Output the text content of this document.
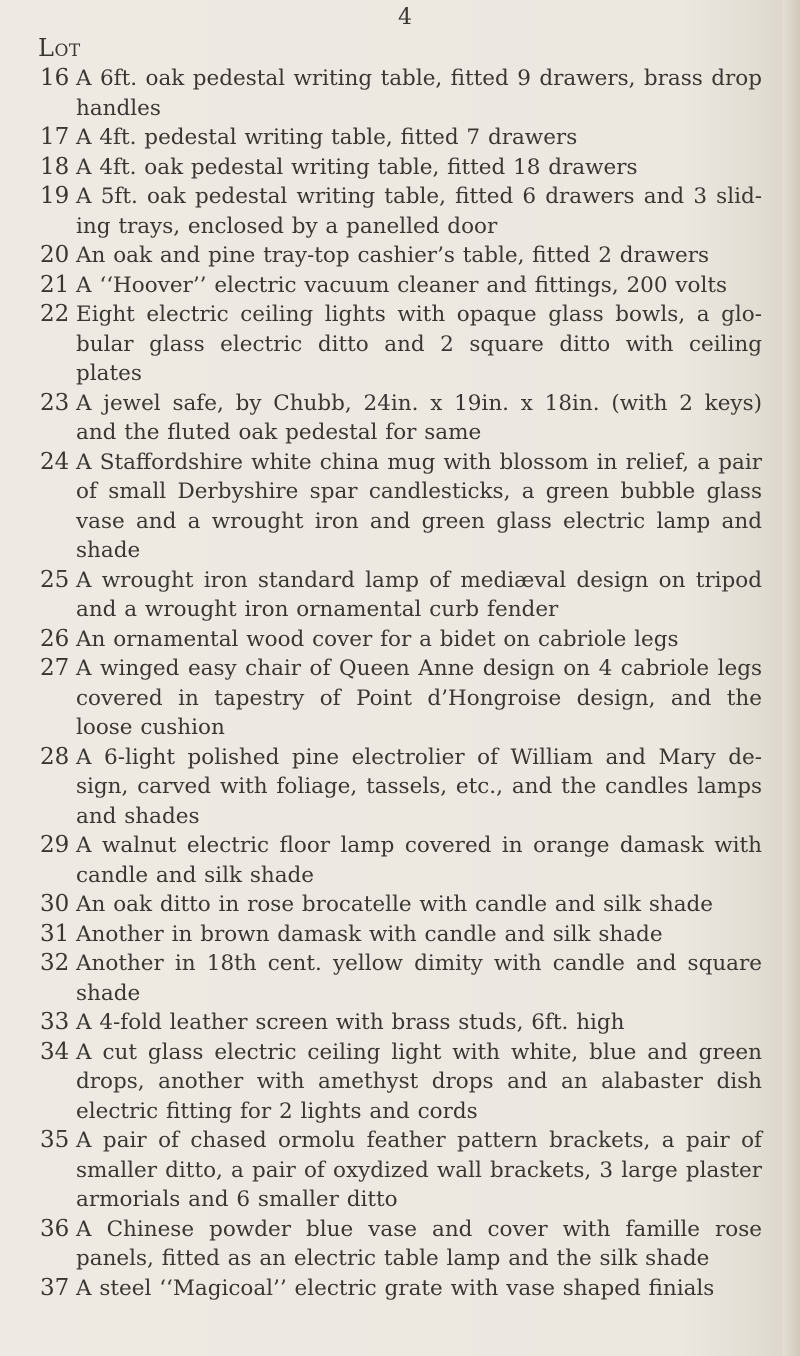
4
Lot
16 A 6ft. oak pedestal writing table, fitted 9 drawers, brass drop handles
17 A 4ft. pedestal writing table, fitted 7 drawers
18 A 4ft. oak pedestal writing table, fitted 18 drawers
19 A 5ft. oak pedestal writing table, fitted 6 drawers and 3 slid-ing trays, enclosed by a panelled door
20 An oak and pine tray-top cashier’s table, fitted 2 drawers
21 A ‘‘Hoover’’ electric vacuum cleaner and fittings, 200 volts
22 Eight electric ceiling lights with opaque glass bowls, a glo-bular glass electric ditto and 2 square ditto with ceiling plates
23 A jewel safe, by Chubb, 24in. x 19in. x 18in. (with 2 keys) and the fluted oak pedestal for same
24 A Staffordshire white china mug with blossom in relief, a pair of small Derbyshire spar candlesticks, a green bubble glass vase and a wrought iron and green glass electric lamp and shade
25 A wrought iron standard lamp of mediæval design on tripod and a wrought iron ornamental curb fender
26 An ornamental wood cover for a bidet on cabriole legs
27 A winged easy chair of Queen Anne design on 4 cabriole legs covered in tapestry of Point d’Hongroise design, and the loose cushion
28 A 6-light polished pine electrolier of William and Mary de-sign, carved with foliage, tassels, etc., and the candles lamps and shades
29 A walnut electric floor lamp covered in orange damask with candle and silk shade
30 An oak ditto in rose brocatelle with candle and silk shade
31 Another in brown damask with candle and silk shade
32 Another in 18th cent. yellow dimity with candle and square shade
33 A 4-fold leather screen with brass studs, 6ft. high
34 A cut glass electric ceiling light with white, blue and green drops, another with amethyst drops and an alabaster dish electric fitting for 2 lights and cords
35 A pair of chased ormolu feather pattern brackets, a pair of smaller ditto, a pair of oxydized wall brackets, 3 large plaster armorials and 6 smaller ditto
36 A Chinese powder blue vase and cover with famille rose panels, fitted as an electric table lamp and the silk shade
37 A steel ‘‘Magicoal’’ electric grate with vase shaped finials
